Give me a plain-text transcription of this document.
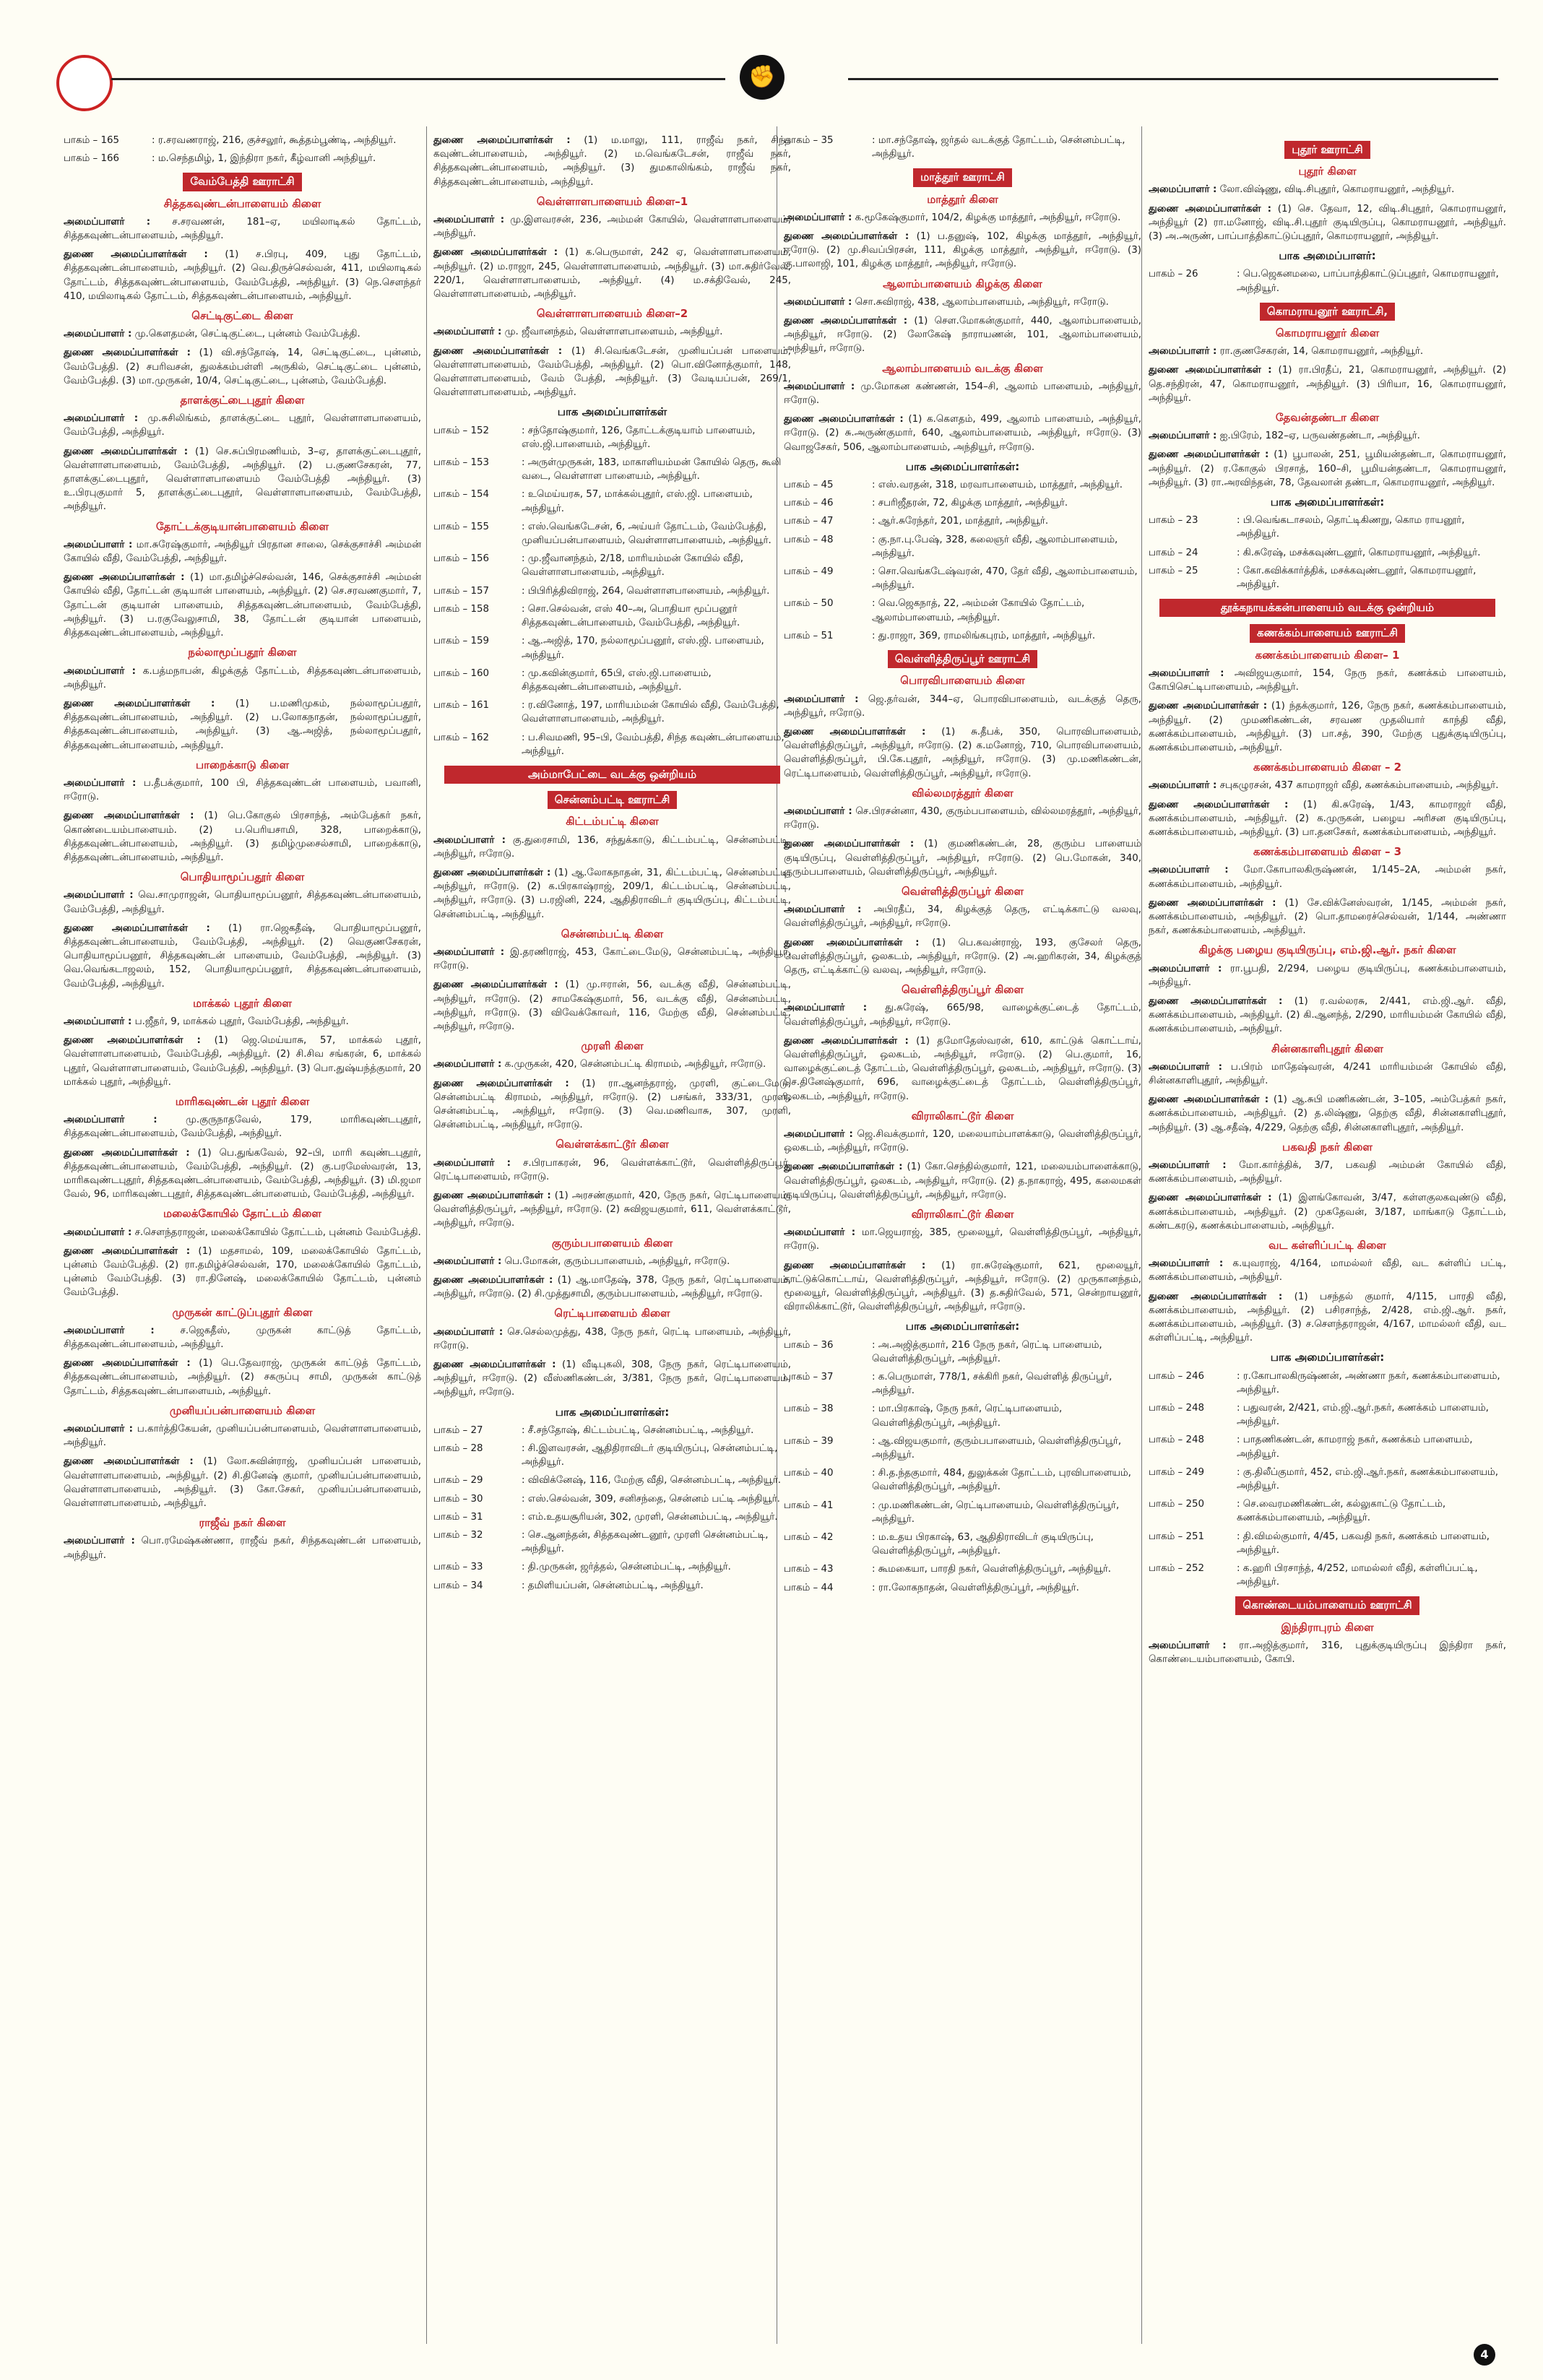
✊
பாகம் – 165	: ர.சரவணராஜ், 216, குச்சலூர், கூத்தம்பூண்டி, அந்தியூர்.
பாகம் – 166	: ம.செந்தமிழ், 1, இந்திரா நகர், கீழ்வானி அந்தியூர்.
வேம்பேத்தி ஊராட்சி
சித்தகவுண்டன்பாளையம் கிளை
அமைப்பாளர் : ச.சரவணன், 181–ஏ, மயிலாடிகல் தோட்டம், சித்தகவுண்டன்பாளையம், அந்தியூர்.
துணை அமைப்பாளர்கள் : (1) ச.பிரபு, 409, புது தோட்டம், சித்தகவுண்டன்பாளையம், அந்தியூர். (2) வெ.திருச்செல்வன், 411, மயிலாடிகல் தோட்டம், சித்தகவுண்டன்பாளையம், வேம்பேத்தி, அந்தியூர். (3) நெ.சௌந்தர் 410, மயிலாடிகல் தோட்டம், சித்தகவுண்டன்பாளையம், அந்தியூர்.
செட்டிகுட்டை கிளை
அமைப்பாளர் : மு.கௌதமன், செட்டிகுட்டை, புன்னம் வேம்பேத்தி.
துணை அமைப்பாளர்கள் : (1) வி.சந்தோஷ், 14, செட்டிகுட்டை, புன்னம், வேம்பேத்தி. (2) சபரிவசன், துலக்கம்பள்ளி அருகில், செட்டிகுட்டை புன்னம், வேம்பேத்தி. (3) மா.முருகன், 10/4, செட்டிகுட்டை, புன்னம், வேம்பேத்தி.
தாளக்குட்டைபுதூர் கிளை
அமைப்பாளர் : மு.சுசிலிங்கம், தாளக்குட்டை புதூர், வெள்ளாளபாளையம், வேம்பேத்தி, அந்தியூர்.
துணை அமைப்பாளர்கள் : (1) செ.சுப்பிரமணியம், 3–ஏ, தாளக்குட்டைபுதூர், வெள்ளாளபாளையம், வேம்பேத்தி, அந்தியூர். (2) ப.குணசேகரன், 77, தாளக்குட்டைபுதூர், வெள்ளாளபாளையம் வேம்பேத்தி அந்தியூர். (3) உ.பிரபுகுமார் 5, தாளக்குட்டைபுதூர், வெள்ளாளபாளையம், வேம்பேத்தி, அந்தியூர்.
தோட்டக்குடியான்பாளையம் கிளை
அமைப்பாளர் : மா.சுரேஷ்குமார், அந்தியூர் பிரதான சாலை, செக்குசாச்சி அம்மன் கோயில் வீதி, வேம்பேத்தி, அந்தியூர்.
துணை அமைப்பாளர்கள் : (1) மா.தமிழ்ச்செல்வன், 146, செக்குசாச்சி அம்மன் கோயில் வீதி, தோட்டன் குடியான் பாளையம், அந்தியூர். (2) செ.சரவணகுமார், 7, தோட்டன் குடியான் பாளையம், சித்தகவுண்டன்பாளையம், வேம்பேத்தி, அந்தியூர். (3) ப.ரகுவேலுசாமி, 38, தோட்டன் குடியான் பாளையம், சித்தகவுண்டன்பாளையம், அந்தியூர்.
நல்லாமூப்பதூர் கிளை
அமைப்பாளர் : க.பத்மநாபன், கிழக்குத் தோட்டம், சித்தகவுண்டன்பாளையம், அந்தியூர்.
துணை அமைப்பாளர்கள் : (1) ப.மணிமுகம், நல்லாமூப்பதூர், சித்தகவுண்டன்பாளையம், அந்தியூர். (2) ப.லோகநாதன், நல்லாமூப்பதூர், சித்தகவுண்டன்பாளையம், அந்தியூர். (3) ஆ.அஜித், நல்லாமூப்பதூர், சித்தகவுண்டன்பாளையம், அந்தியூர்.
பாறைக்காடு கிளை
அமைப்பாளர் : ப.தீபக்குமார், 100 பி, சித்தகவுண்டன் பாளையம், பவானி, ஈரோடு.
துணை அமைப்பாளர்கள் : (1) பெ.கோகுல் பிரசாந்த், அம்பேத்கர் நகர், கொண்டையம்பாளையம். (2) ப.பெரியசாமி, 328, பாறைக்காடு, சித்தகவுண்டன்பாளையம், அந்தியூர். (3) தமிழ்முசைல்சாமி, பாறைக்காடு, சித்தகவுண்டன்பாளையம், அந்தியூர்.
பொதியாமூப்பதூர் கிளை
அமைப்பாளர் : வெ.சாமுராஜன், பொதியாமூப்பனூர், சித்தகவுண்டன்பாளையம், வேம்பேத்தி, அந்தியூர்.
துணை அமைப்பாளர்கள் : (1) ரா.ஜெகதீஷ், பொதியாமூப்பனூர், சித்தகவுண்டன்பாளையம், வேம்பேத்தி, அந்தியூர். (2) வெகுணசேகரன், பொதியாமூப்பனூர், சித்தகவுண்டன் பாளையம், வேம்பேத்தி, அந்தியூர். (3) வெ.வெங்கடாஜலம், 152, பொதியாமூப்பனூர், சித்தகவுண்டன்பாளையம், வேம்பேத்தி, அந்தியூர்.
மாக்கல் புதூர் கிளை
அமைப்பாளர் : ப.ஜீதர், 9, மாக்கல் புதூர், வேம்பேத்தி, அந்தியூர்.
துணை அமைப்பாளர்கள் : (1) ஜெ.மெய்யாசு, 57, மாக்கல் புதூர், வெள்ளாளபாளையம், வேம்பேத்தி, அந்தியூர். (2) சி.சிவ சங்கரன், 6, மாக்கல் புதூர், வெள்ளாளபாளையம், வேம்பேத்தி, அந்தியூர். (3) பொ.துஷ்யந்த்குமார், 20 மாக்கல் புதூர், அந்தியூர்.
மாரிகவுண்டன் புதூர் கிளை
அமைப்பாளர் : மு.குருநாதவேல், 179, மாரிகவுண்டபுதூர், சித்தகவுண்டன்பாளையம், வேம்பேத்தி, அந்தியூர்.
துணை அமைப்பாளர்கள் : (1) பெ.துங்கவேல், 92–பி, மாரி கவுண்டபுதூர், சித்தகவுண்டன்பாளையம், வேம்பேத்தி, அந்தியூர். (2) கு.பரமேஸ்வரன், 13, மாரிகவுண்டபுதூர், சித்தகவுண்டன்பாளையம், வேம்பேத்தி, அந்தியூர். (3) மி.ஜமா வேல், 96, மாரிகவுண்டபுதூர், சித்தகவுண்டன்பாளையம், வேம்பேத்தி, அந்தியூர்.
மலைக்கோயில் தோட்டம் கிளை
அமைப்பாளர் : ச.சௌந்தராஜன், மலைக்கோயில் தோட்டம், புன்னம் வேம்பேத்தி.
துணை அமைப்பாளர்கள் : (1) மதசாமல், 109, மலைக்கோயில் தோட்டம், புன்னம் வேம்பேத்தி. (2) ரா.தமிழ்ச்செல்வன், 170, மலைக்கோயில் தோட்டம், புன்னம் வேம்பேத்தி. (3) ரா.தினேஷ், மலைக்கோயில் தோட்டம், புன்னம் வேம்பேத்தி.
முருகன் காட்டுப்புதூர் கிளை
அமைப்பாளர் : ச.ஜெகதீஸ், முருகன் காட்டுத் தோட்டம், சித்தகவுண்டன்பாளையம், அந்தியூர்.
துணை அமைப்பாளர்கள் : (1) பெ.தேவராஜ், முருகன் காட்டுத் தோட்டம், சித்தகவுண்டன்பாளையம், அந்தியூர். (2) சகருப்பு சாமி, முருகன் காட்டுத் தோட்டம், சித்தகவுண்டன்பாளையம், அந்தியூர்.
முனியப்பன்பாளையம் கிளை
அமைப்பாளர் : ப.கார்த்திகேயன், முனியப்பன்பாளையம், வெள்ளாளபாளையம், அந்தியூர்.
துணை அமைப்பாளர்கள் : (1) லோ.சுவின்ராஜ், முனியப்பன் பாளையம், வெள்ளாளபாளையம், அந்தியூர். (2) சி.தினேஷ் குமார், முனியப்பன்பாளையம், வெள்ளாளபாளையம், அந்தியூர். (3) கோ.சேகர், முனியப்பன்பாளையம், வெள்ளாளபாளையம், அந்தியூர்.
ராஜீவ் நகர் கிளை
அமைப்பாளர் : பொ.ரமேஷ்கண்ணா, ராஜீவ் நகர், சிந்தகவுண்டன் பாளையம், அந்தியூர்.
துணை அமைப்பாளர்கள் : (1) ம.மாலு, 111, ராஜீவ் நகர், சிந்த கவுண்டன்பாளையம், அந்தியூர். (2) ம.வெங்கடேசன், ராஜீவ் நகர், சித்தகவுண்டன்பாளையம், அந்தியூர். (3) துமகாலிங்கம், ராஜீவ் நகர், சித்தகவுண்டன்பாளையம், அந்தியூர்.
வெள்ளாளபாளையம் கிளை–1
அமைப்பாளர் : மு.இளவரசன், 236, அம்மன் கோயில், வெள்ளாளபாளையம், அந்தியூர்.
துணை அமைப்பாளர்கள் : (1) க.பெருமாள், 242 ஏ, வெள்ளாளபாளையம், அந்தியூர். (2) ம.ராஜா, 245, வெள்ளாளபாளையம், அந்தியூர். (3) மா.சுதிர்வேல், 220/1, வெள்ளாளபாளையம், அந்தியூர். (4) ம.சக்திவேல், 245, வெள்ளாளபாளையம், அந்தியூர்.
வெள்ளாளபாளையம் கிளை–2
அமைப்பாளர் : மு. ஜீவானந்தம், வெள்ளாளபாளையம், அந்தியூர்.
துணை அமைப்பாளர்கள் : (1) சி.வெங்கடேசன், முனியப்பன் பாளையம், வெள்ளாளபாளையம், வேம்பேத்தி, அந்தியூர். (2) பொ.வினோத்குமார், 148, வெள்ளாளபாளையம், வேம் பேத்தி, அந்தியூர். (3) வேடியப்பன், 269/1, வெள்ளாளபாளையம், அந்தியூர்.
பாக அமைப்பாளர்கள்
பாகம் – 152	: சந்தோஷ்குமார், 126, தோட்டக்குடியாம் பாளையம், எஸ்.ஜி.பாளையம், அந்தியூர்.
பாகம் – 153	: அருள்முருகன், 183, மாகாளியம்மன் கோயில் தெரு, கூலி வடை, வெள்ளாள பாளையம், அந்தியூர்.
பாகம் – 154	: உமெய்யரசு, 57, மாக்கல்புதூர், எஸ்.ஜி. பாளையம், அந்தியூர்.
பாகம் – 155	: எஸ்.வெங்கடேசன், 6, அய்யர் தோட்டம், வேம்பேத்தி, முனியப்பன்பாளையம், வெள்ளாளபாளையம், அந்தியூர்.
பாகம் – 156	: மு.ஜீவானந்தம், 2/18, மாரியம்மன் கோயில் வீதி, வெள்ளாளபாளையம், அந்தியூர்.
பாகம் – 157	: பிபிரித்திவிராஜ், 264, வெள்ளாளபாளையம், அந்தியூர்.
பாகம் – 158	: சொ.செல்வன், எஸ் 40–அ, பொதியா மூப்பனூர் சித்தகவுண்டன்பாளையம், வேம்பேத்தி, அந்தியூர்.
பாகம் – 159	: ஆ.அஜித், 170, நல்லாமூப்பனூர், எஸ்.ஜி. பாளையம், அந்தியூர்.
பாகம் – 160	: மு.கவின்குமார், 65பி, எஸ்.ஜி.பாளையம், சித்தகவுண்டன்பாளையம், அந்தியூர்.
பாகம் – 161	: ர.வினோத், 197, மாரியம்மன் கோயில் வீதி, வேம்பேத்தி, வெள்ளாளபாளையம், அந்தியூர்.
பாகம் – 162	: ப.சிவமணி, 95–பி, வேம்பத்தி, சிந்த கவுண்டன்பாளையம், அந்தியூர்.
அம்மாபேட்டை வடக்கு ஒன்றியம்
சென்னம்பட்டி ஊராட்சி
கிட்டம்பட்டி கிளை
அமைப்பாளர் : கு.துரைசாமி, 136, சந்துக்காடு, கிட்டம்பட்டி, சென்னம்பட்டி, அந்தியூர், ஈரோடு.
துணை அமைப்பாளர்கள் : (1) ஆ.லோகநாதன், 31, கிட்டம்பட்டி, சென்னம்பட்டி, அந்தியூர், ஈரோடு. (2) க.பிரகாஷ்ராஜ், 209/1, கிட்டம்பட்டி, சென்னம்பட்டி, அந்தியூர், ஈரோடு. (3) ப.ரஜினி, 224, ஆதிதிராவிடர் குடியிருப்பு, கிட்டம்பட்டி, சென்னம்பட்டி, அந்தியூர்.
சென்னம்பட்டி கிளை
அமைப்பாளர் : இ.தரணிராஜ், 453, கோட்டைமேடு, சென்னம்பட்டி, அந்தியூர், ஈரோடு.
துணை அமைப்பாளர்கள் : (1) மு.ஈரான், 56, வடக்கு வீதி, சென்னம்பட்டி, அந்தியூர், ஈரோடு. (2) சாமகேஷ்குமார், 56, வடக்கு வீதி, சென்னம்பட்டி, அந்தியூர், ஈரோடு. (3) விவேக்கோவர், 116, மேற்கு வீதி, சென்னம்பட்டி, அந்தியூர், ஈரோடு.
முரளி கிளை
அமைப்பாளர் : க.முருகன், 420, சென்னம்பட்டி கிராமம், அந்தியூர், ஈரோடு.
துணை அமைப்பாளர்கள் : (1) ரா.ஆனந்தராஜ், முரளி, குட்டைமேடு, சென்னம்பட்டி கிராமம், அந்தியூர், ஈரோடு. (2) பசங்கர், 333/31, முரளி, சென்னம்பட்டி, அந்தியூர், ஈரோடு. (3) வெ.மணிவாசு, 307, முரளி, சென்னம்பட்டி, அந்தியூர், ஈரோடு.
வெள்ளக்காட்டூர் கிளை
அமைப்பாளர் : ச.பிரபாகரன், 96, வெள்ளக்காட்டூர், வெள்ளித்திருப்பூர், ரெட்டிபாளையம், ஈரோடு.
துணை அமைப்பாளர்கள் : (1) அரசண்குமார், 420, நேரு நகர், ரெட்டிபாளையம், வெள்ளித்திருப்பூர், அந்தியூர், ஈரோடு. (2) சுவிஜயகுமார், 611, வெள்ளக்காட்டூர், அந்தியூர், ஈரோடு.
குரும்பபாளையம் கிளை
அமைப்பாளர் : பெ.மோகன், குரும்பபாளையம், அந்தியூர், ஈரோடு.
துணை அமைப்பாளர்கள் : (1) ஆ.மாதேஷ், 378, நேரு நகர், ரெட்டிபாளையம், அந்தியூர், ஈரோடு. (2) சி.முத்துசாமி, குரும்பபாளையம், அந்தியூர், ஈரோடு.
ரெட்டிபாளையம் கிளை
அமைப்பாளர் : செ.செல்லமுத்து, 438, நேரு நகர், ரெட்டி பாளையம், அந்தியூர், ஈரோடு.
துணை அமைப்பாளர்கள் : (1) வீடிபுகலி, 308, நேரு நகர், ரெட்டிபாளையம், அந்தியூர், ஈரோடு. (2) வீஸ்ணிகண்டன், 3/381, நேரு நகர், ரெட்டிபாளையம், அந்தியூர், ஈரோடு.
பாக அமைப்பாளர்கள்:
பாகம் – 27	: சீ.சந்தோஷ், கிட்டம்பட்டி, சென்னம்பட்டி, அந்தியூர்.
பாகம் – 28	: சி.இளவரசன், ஆதிதிராவிடர் குடியிருப்பு, சென்னம்பட்டி, அந்தியூர்.
பாகம் – 29	: விவிக்னேஷ், 116, மேற்கு வீதி, சென்னம்பட்டி, அந்தியூர்.
பாகம் – 30	: எஸ்.செல்வன், 309, சனிசந்தை, சென்னம் பட்டி அந்தியூர்.
பாகம் – 31	: எம்.உதயசூரியன், 302, முரளி, சென்னம்பட்டி, அந்தியூர்.
பாகம் – 32	: செ.ஆனந்தன், சித்தகவுண்டனூர், முரளி சென்னம்பட்டி, அந்தியூர்.
பாகம் – 33	: தி.முருகன், ஜர்த்தல், சென்னம்பட்டி, அந்தியூர்.
பாகம் – 34	: தமிளியப்பன், சென்னம்பட்டி, அந்தியூர்.
பாகம் – 35	: மா.சந்தோஷ், ஜர்தல் வடக்குத் தோட்டம், சென்னம்பட்டி, அந்தியூர்.
மாத்தூர் ஊராட்சி
மாத்தூர் கிளை
அமைப்பாளர் : க.மூகேஷ்குமார், 104/2, கிழக்கு மாத்தூர், அந்தியூர், ஈரோடு.
துணை அமைப்பாளர்கள் : (1) ப.தனுஷ், 102, கிழக்கு மாத்தூர், அந்தியூர், ஈரோடு. (2) மு.சிவப்பிரசன், 111, கிழக்கு மாத்தூர், அந்தியூர், ஈரோடு. (3) கு.பாலாஜி, 101, கிழக்கு மாத்தூர், அந்தியூர், ஈரோடு.
ஆலாம்பாளையம் கிழக்கு கிளை
அமைப்பாளர் : சொ.சுவிராஜ், 438, ஆலாம்பாளையம், அந்தியூர், ஈரோடு.
துணை அமைப்பாளர்கள் : (1) சௌ.மோகன்குமார், 440, ஆலாம்பாளையம், அந்தியூர், ஈரோடு. (2) லோகேஷ் நாராயணன், 101, ஆலாம்பாளையம், அந்தியூர், ஈரோடு.
ஆலாம்பாளையம் வடக்கு கிளை
அமைப்பாளர் : மு.மோகன கண்ணன், 154–சி, ஆலாம் பாளையம், அந்தியூர், ஈரோடு.
துணை அமைப்பாளர்கள் : (1) க.கௌதம், 499, ஆலாம் பாளையம், அந்தியூர், ஈரோடு. (2) சு.அருண்குமார், 640, ஆலாம்பாளையம், அந்தியூர், ஈரோடு. (3) வொஜசேகர், 506, ஆலாம்பாளையம், அந்தியூர், ஈரோடு.
பாக அமைப்பாளர்கள்:
பாகம் – 45	: எஸ்.வரதன், 318, மரவாபாளையம், மாத்தூர், அந்தியூர்.
பாகம் – 46	: சபரிஜீதரன், 72, கிழக்கு மாத்தூர், அந்தியூர்.
பாகம் – 47	: ஆர்.சுரேந்தர், 201, மாத்தூர், அந்தியூர்.
பாகம் – 48	: கு.நா.பு.பேஷ், 328, கலைஞர் வீதி, ஆலாம்பாளையம், அந்தியூர்.
பாகம் – 49	: சொ.வெங்கடேஷ்வரன், 470, தேர் வீதி, ஆலாம்பாளையம், அந்தியூர்.
பாகம் – 50	: வெ.ஜெகநாத், 22, அம்மன் கோயில் தோட்டம், ஆலாம்பாளையம், அந்தியூர்.
பாகம் – 51	: து.ராஜா, 369, ராமலிங்கபுரம், மாத்தூர், அந்தியூர்.
வெள்ளித்திருப்பூர் ஊராட்சி
பொரவிபாளையம் கிளை
அமைப்பாளர் : ஜெ.தர்வன், 344–ஏ, பொரவிபாளையம், வடக்குத் தெரு, அந்தியூர், ஈரோடு.
துணை அமைப்பாளர்கள் : (1) சு.தீபக், 350, பொரவிபாளையம், வெள்ளித்திருப்பூர், அந்தியூர், ஈரோடு. (2) க.மனோஜ், 710, பொரவிபாளையம், வெள்ளித்திருப்பூர், பி.கே.புதூர், அந்தியூர், ஈரோடு. (3) மு.மணிகண்டன், ரெட்டிபாளையம், வெள்ளித்திருப்பூர், அந்தியூர், ஈரோடு.
வில்லமரத்தூர் கிளை
அமைப்பாளர் : செ.பிரசன்னா, 430, குரும்பபாளையம், வில்லமரத்தூர், அந்தியூர், ஈரோடு.
துணை அமைப்பாளர்கள் : (1) குமணிகண்டன், 28, குரும்ப பாளையம் குடியிருப்பு, வெள்ளித்திருப்பூர், அந்தியூர், ஈரோடு. (2) பெ.மோகன், 340, குரும்பபாளையம், வெள்ளித்திருப்பூர், அந்தியூர்.
வெள்ளித்திருப்பூர் கிளை
அமைப்பாளர் : அபிரதீப், 34, கிழக்குத் தெரு, எட்டிக்காட்டு வலவு, வெள்ளித்திருப்பூர், அந்தியூர், ஈரோடு.
துணை அமைப்பாளர்கள் : (1) பெ.கவன்ராஜ், 193, குசேலர் தெரு, வெள்ளித்திருப்பூர், ஒலகடம், அந்தியூர், ஈரோடு. (2) அ.ஹரிகரன், 34, கிழக்குத் தெரு, எட்டிக்காட்டு வலவு, அந்தியூர், ஈரோடு.
வெள்ளித்திருப்பூர் கிளை
அமைப்பாளர் : து.சுரேஷ், 665/98, வாழைக்குட்டைத் தோட்டம், வெள்ளித்திருப்பூர், அந்தியூர், ஈரோடு.
துணை அமைப்பாளர்கள் : (1) தமோதேஸ்வரன், 610, காட்டுக் கொட்டாய், வெள்ளித்திருப்பூர், ஒலகடம், அந்தியூர், ஈரோடு. (2) பெ.குமார், 16, வாழைக்குட்டைத் தோட்டம், வெள்ளித்திருப்பூர், ஒலகடம், அந்தியூர், ஈரோடு. (3) செ.தினேஷ்குமார், 696, வாழைக்குட்டைத் தோட்டம், வெள்ளித்திருப்பூர், ஒலகடம், அந்தியூர், ஈரோடு.
விராலிகாட்டூர் கிளை
அமைப்பாளர் : ஜெ.சிவக்குமார், 120, மலையாம்பாளக்காடு, வெள்ளித்திருப்பூர், ஒலகடம், அந்தியூர், ஈரோடு.
துணை அமைப்பாளர்கள் : (1) கோ.செந்தில்குமார், 121, மலையம்பாளைக்காடு, வெள்ளித்திருப்பூர், ஒலகடம், அந்தியூர், ஈரோடு. (2) த.நாகராஜ், 495, கலைமகள் குடியிருப்பு, வெள்ளித்திருப்பூர், அந்தியூர், ஈரோடு.
விராலிகாட்டூர் கிளை
அமைப்பாளர் : மா.ஜெயராஜ், 385, மூலையூர், வெள்ளித்திருப்பூர், அந்தியூர், ஈரோடு.
துணை அமைப்பாளர்கள் : (1) ரா.சுரேஷ்குமார், 621, மூலையூர், காட்டுக்கொட்டாய், வெள்ளித்திருப்பூர், அந்தியூர், ஈரோடு. (2) முருகானந்தம், மூலையூர், வெள்ளித்திருப்பூர், அந்தியூர். (3) த.சுதிர்வேல், 571, சென்றாயனூர், விராலிக்காட்டூர், வெள்ளித்திருப்பூர், அந்தியூர், ஈரோடு.
பாக அமைப்பாளர்கள்:
பாகம் – 36	: அ.அஜித்குமார், 216 நேரு நகர், ரெட்டி பாளையம், வெள்ளித்திருப்பூர், அந்தியூர்.
பாகம் – 37	: க.பெருமாள், 778/1, சக்கிரி நகர், வெள்ளித் திருப்பூர், அந்தியூர்.
பாகம் – 38	: மா.பிரகாஷ், நேரு நகர், ரெட்டிபாளையம், வெள்ளித்திருப்பூர், அந்தியூர்.
பாகம் – 39	: ஆ.விஜயகுமார், குரும்பபாளையம், வெள்ளித்திருப்பூர், அந்தியூர்.
பாகம் – 40	: சி.த.ந்தகுமார், 484, துலுக்கன் தோட்டம், புரவிபாளையம், வெள்ளித்திருப்பூர், அந்தியூர்.
பாகம் – 41	: மு.மணிகண்டன், ரெட்டிபாளையம், வெள்ளித்திருப்பூர், அந்தியூர்.
பாகம் – 42	: ம.உதய பிரகாஷ், 63, ஆதிதிராவிடர் குடியிருப்பு, வெள்ளித்திருப்பூர், அந்தியூர்.
பாகம் – 43	: கூமகையா, பாரதி நகர், வெள்ளித்திருப்பூர், அந்தியூர்.
பாகம் – 44	: ரா.லோகநாதன், வெள்ளித்திருப்பூர், அந்தியூர்.
புதூர் ஊராட்சி
புதூர் கிளை
அமைப்பாளர் : லோ.விஷ்ணு, விடி.சிபுதூர், கொமராயனூர், அந்தியூர்.
துணை அமைப்பாளர்கள் : (1) செ. தேவா, 12, விடி.சிபுதூர், கொமராயனூர், அந்தியூர் (2) ரா.மனோஜ், விடி.சி.புதூர் குடியிருப்பு, கொமராயனூர், அந்தியூர். (3) அ.அருண், பாப்பாத்திகாட்டுப்புதூர், கொமராயனூர், அந்தியூர்.
பாக அமைப்பாளர்:
பாகம் – 26	: பெ.ஜெகனமலை, பாப்பாத்திகாட்டுப்புதூர், கொமராயனூர், அந்தியூர்.
கொமராயனூர் ஊராட்சி,
கொமராயனூர் கிளை
அமைப்பாளர் : ரா.குணசேகரன், 14, கொமராயனூர், அந்தியூர்.
துணை அமைப்பாளர்கள் : (1) ரா.பிரதீப், 21, கொமராயனூர், அந்தியூர். (2) தெ.சந்திரன், 47, கொமராயனூர், அந்தியூர். (3) பிரியா, 16, கொமராயனூர், அந்தியூர்.
தேவன்தண்டா கிளை
அமைப்பாளர் : ஐ.பிரேம், 182–ஏ, பருவண்தண்டா, அந்தியூர்.
துணை அமைப்பாளர்கள் : (1) பூபாலன், 251, பூமியன்தண்டா, கொமராயனூர், அந்தியூர். (2) ர.கோகுல் பிரசாத், 160–சி, பூமியன்தண்டா, கொமராயனூர், அந்தியூர். (3) ரா.அரவிந்தன், 78, தேவலான் தண்டா, கொமராயனூர், அந்தியூர்.
பாக அமைப்பாளர்கள்:
பாகம் – 23	: பி.வெங்கடாசலம், தொட்டிகிணறு, கொம ராயனூர், அந்தியூர்.
பாகம் – 24	: கி.சுரேஷ், மசக்கவுண்டனூர், கொமராயனூர், அந்தியூர்.
பாகம் – 25	: கோ.கவிக்கார்த்திக், மசக்கவுண்டனூர், கொமராயனூர், அந்தியூர்.
தூக்கநாயக்கன்பாளையம் வடக்கு ஒன்றியம்
கணக்கம்பாளையம் ஊராட்சி
கணக்கம்பாளையம் கிளை– 1
அமைப்பாளர் : அவிஜயகுமார், 154, நேரு நகர், கணக்கம் பாளையம், கோபிசெட்டிபாளையம், அந்தியூர்.
துணை அமைப்பாளர்கள் : (1) ந்தக்குமார், 126, நேரு நகர், கணக்கம்பாளையம், அந்தியூர். (2) முமணிகண்டன், சரவண முதலியார் காந்தி வீதி, கணக்கம்பாளையம், அந்தியூர். (3) பா.சத், 390, மேற்கு புதுக்குடியிருப்பு, கணக்கம்பாளையம், அந்தியூர்.
கணக்கம்பாளையம் கிளை – 2
அமைப்பாளர் : சபுகழுரசன், 437 காமராஜர் வீதி, கணக்கம்பாளையம், அந்தியூர்.
துணை அமைப்பாளர்கள் : (1) கி.சுரேஷ், 1/43, காமராஜர் வீதி, கணக்கம்பாளையம், அந்தியூர். (2) க.முருகன், பழைய அரிசன குடியிருப்பு, கணக்கம்பாளையம், அந்தியூர். (3) பா.தனசேகர், கணக்கம்பாளையம், அந்தியூர்.
கணக்கம்பாளையம் கிளை – 3
அமைப்பாளர் : மோ.கோபாலகிருஷ்ணன், 1/145–2A, அம்மன் நகர், கணக்கம்பாளையம், அந்தியூர்.
துணை அமைப்பாளர்கள் : (1) சே.விக்னேஸ்வரன், 1/145, அம்மன் நகர், கணக்கம்பாளையம், அந்தியூர். (2) பொ.தாமரைச்செல்வன், 1/144, அண்ணா நகர், கணக்கம்பாளையம், அந்தியூர்.
கிழக்கு பழைய குடியிருப்பு, எம்.ஜி.ஆர். நகர் கிளை
அமைப்பாளர் : ரா.பூபதி, 2/294, பழைய குடியிருப்பு, கணக்கம்பாளையம், அந்தியூர்.
துணை அமைப்பாளர்கள் : (1) ர.வல்லரசு, 2/441, எம்.ஜி.ஆர். வீதி, கணக்கம்பாளையம், அந்தியூர். (2) கி.ஆனந்த், 2/290, மாரியம்மன் கோயில் வீதி, கணக்கம்பாளையம், அந்தியூர்.
சின்னகாளிபுதூர் கிளை
அமைப்பாளர் : ப.பிரம் மாதேஷ்வரன், 4/241 மாரியம்மன் கோயில் வீதி, சின்னகாளிபுதூர், அந்தியூர்.
துணை அமைப்பாளர்கள் : (1) ஆ.சுபி மணிகண்டன், 3–105, அம்பேத்கர் நகர், கணக்கம்பாளையம், அந்தியூர். (2) த.லிஷ்ணு, தெற்கு வீதி, சின்னகாளிபுதூர், அந்தியூர். (3) ஆ.சதீஷ், 4/229, தெற்கு வீதி, சின்னகாளிபுதூர், அந்தியூர்.
பகவதி நகர் கிளை
அமைப்பாளர் : மோ.கார்த்திக், 3/7, பகவதி அம்மன் கோயில் வீதி, கணக்கம்பாளையம், அந்தியூர்.
துணை அமைப்பாளர்கள் : (1) இளங்கோவன், 3/47, கள்ளகுலகவுண்டு வீதி, கணக்கம்பாளையம், அந்தியூர். (2) முகதேவன், 3/187, மாங்காடு தோட்டம், கண்டகரடு, கணக்கம்பாளையம், அந்தியூர்.
வட கள்ளிப்பட்டி கிளை
அமைப்பாளர் : க.யுவராஜ், 4/164, மாமல்லர் வீதி, வட கள்ளிப் பட்டி, கணக்கம்பாளையம், அந்தியூர்.
துணை அமைப்பாளர்கள் : (1) பசந்தல் குமார், 4/115, பாரதி வீதி, கணக்கம்பாளையம், அந்தியூர். (2) பசிரசாந்த், 2/428, எம்.ஜி.ஆர். நகர், கணக்கம்பாளையம், அந்தியூர். (3) ச.சௌந்தராஜன், 4/167, மாமல்லர் வீதி, வட கள்ளிப்பட்டி, அந்தியூர்.
பாக அமைப்பாளர்கள்:
பாகம் – 246	: ர.கோபாலகிருஷ்ணன், அண்ணா நகர், கணக்கம்பாளையம், அந்தியூர்.
பாகம் – 248	: பதுவரன், 2/421, எம்.ஜி.ஆர்.நகர், கணக்கம் பாளையம், அந்தியூர்.
பாகம் – 248	: பாதணிகண்டன், காமராஜ் நகர், கணக்கம் பாளையம், அந்தியூர்.
பாகம் – 249	: கு.திலீப்குமார், 452, எம்.ஜி.ஆர்.நகர், கணக்கம்பாளையம், அந்தியூர்.
பாகம் – 250	: செ.வைரமணிகண்டன், கல்லுகாட்டு தோட்டம், கணக்கம்பாளையம், அந்தியூர்.
பாகம் – 251	: தி.விமல்குமார், 4/45, பகவதி நகர், கணக்கம் பாளையம், அந்தியூர்.
பாகம் – 252	: க.ஹரி பிரசாந்த், 4/252, மாமல்லர் வீதி, கள்ளிப்பட்டி, அந்தியூர்.
கொண்டையம்பாளையம் ஊராட்சி
இந்திராபுரம் கிளை
அமைப்பாளர் : ரா.அஜித்குமார், 316, புதுக்குடியிருப்பு இந்திரா நகர், கொண்டையம்பாளையம், கோபி.
4
